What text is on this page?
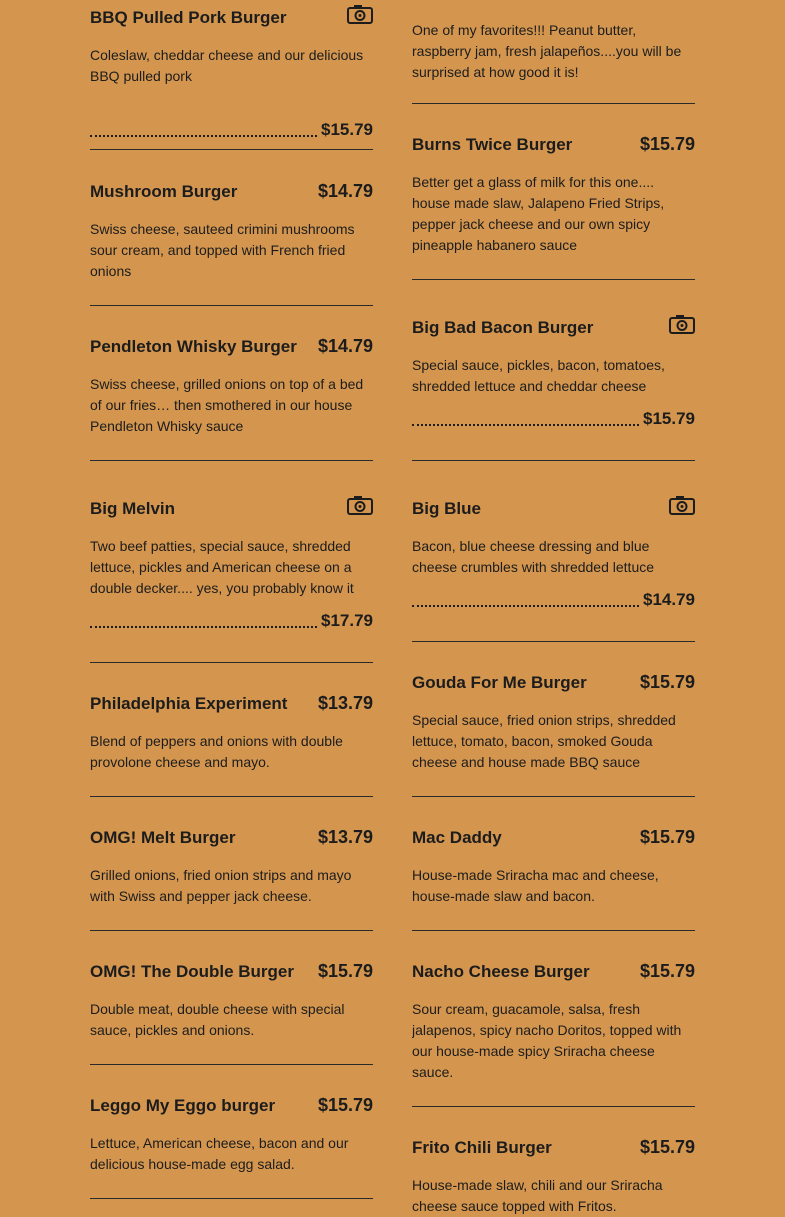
BBQ Pulled Pork Burger
Coleslaw, cheddar cheese and our delicious BBQ pulled pork
$15.79
Mushroom Burger	$14.79
Swiss cheese, sauteed crimini mushrooms sour cream, and topped with French fried onions
Pendleton Whisky Burger $14.79
Swiss cheese, grilled onions on top of a bed of our fries… then smothered in our house Pendleton Whisky sauce
Big Melvin
Two beef patties, special sauce, shredded lettuce, pickles and American cheese on a double decker.... yes, you probably know it
$17.79
Philadelphia Experiment $13.79
Blend of peppers and onions with double provolone cheese and mayo.
OMG! Melt Burger	$13.79
Grilled onions, fried onion strips and mayo with Swiss and pepper jack cheese.
OMG! The Double Burger $15.79
Double meat, double cheese with special sauce, pickles and onions.
Leggo My Eggo burger $15.79
Lettuce, American cheese, bacon and our delicious house-made egg salad.
One of my favorites!!! Peanut butter, raspberry jam, fresh jalapeños....you will be surprised at how good it is!
Burns Twice Burger	$15.79
Better get a glass of milk for this one.... house made slaw, Jalapeno Fried Strips, pepper jack cheese and our own spicy pineapple habanero sauce
Big Bad Bacon Burger
Special sauce, pickles, bacon, tomatoes, shredded lettuce and cheddar cheese
$15.79
Big Blue
Bacon, blue cheese dressing and blue cheese crumbles with shredded lettuce
$14.79
Gouda For Me Burger	$15.79
Special sauce, fried onion strips, shredded lettuce, tomato, bacon, smoked Gouda cheese and house made BBQ sauce
Mac Daddy	$15.79
House-made Sriracha mac and cheese, house-made slaw and bacon.
Nacho Cheese Burger	$15.79
Sour cream, guacamole, salsa, fresh jalapenos, spicy nacho Doritos, topped with our house-made spicy Sriracha cheese sauce.
Frito Chili Burger	$15.79
House-made slaw, chili and our Sriracha cheese sauce topped with Fritos.
